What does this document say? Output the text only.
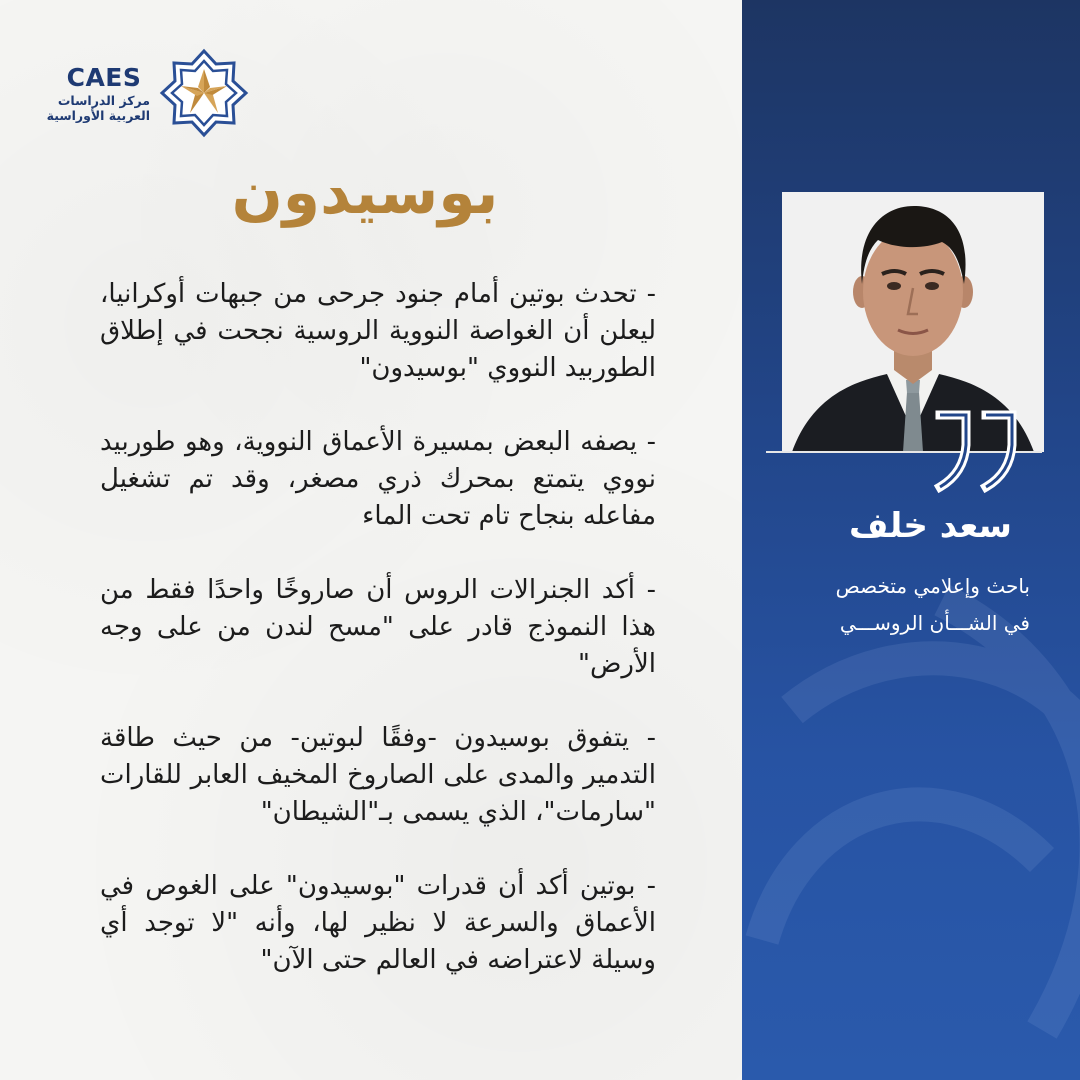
CAES
مركز الدراسات
العربية الأوراسية
بوسيدون

- تحدث بوتين أمام جنود جرحى من جبهات أوكرانيا، ليعلن أن الغواصة النووية الروسية نجحت في إطلاق الطوربيد النووي "بوسيدون"

- يصفه البعض بمسيرة الأعماق النووية، وهو طوربيد نووي يتمتع بمحرك ذري مصغر، وقد تم تشغيل مفاعله بنجاح تام تحت الماء

- أكد الجنرالات الروس أن صاروخًا واحدًا فقط من هذا النموذج قادر على "مسح لندن من على وجه الأرض"

- يتفوق بوسيدون -وفقًا لبوتين- من حيث طاقة التدمير والمدى على الصاروخ المخيف العابر للقارات "سارمات"، الذي يسمى بـ"الشيطان"

- بوتين أكد أن قدرات "بوسيدون" على الغوص في الأعماق والسرعة لا نظير لها، وأنه "لا توجد أي وسيلة لاعتراضه في العالم حتى الآن"

سعد خلف
باحث وإعلامي متخصص
في الشـــأن الروســـي
